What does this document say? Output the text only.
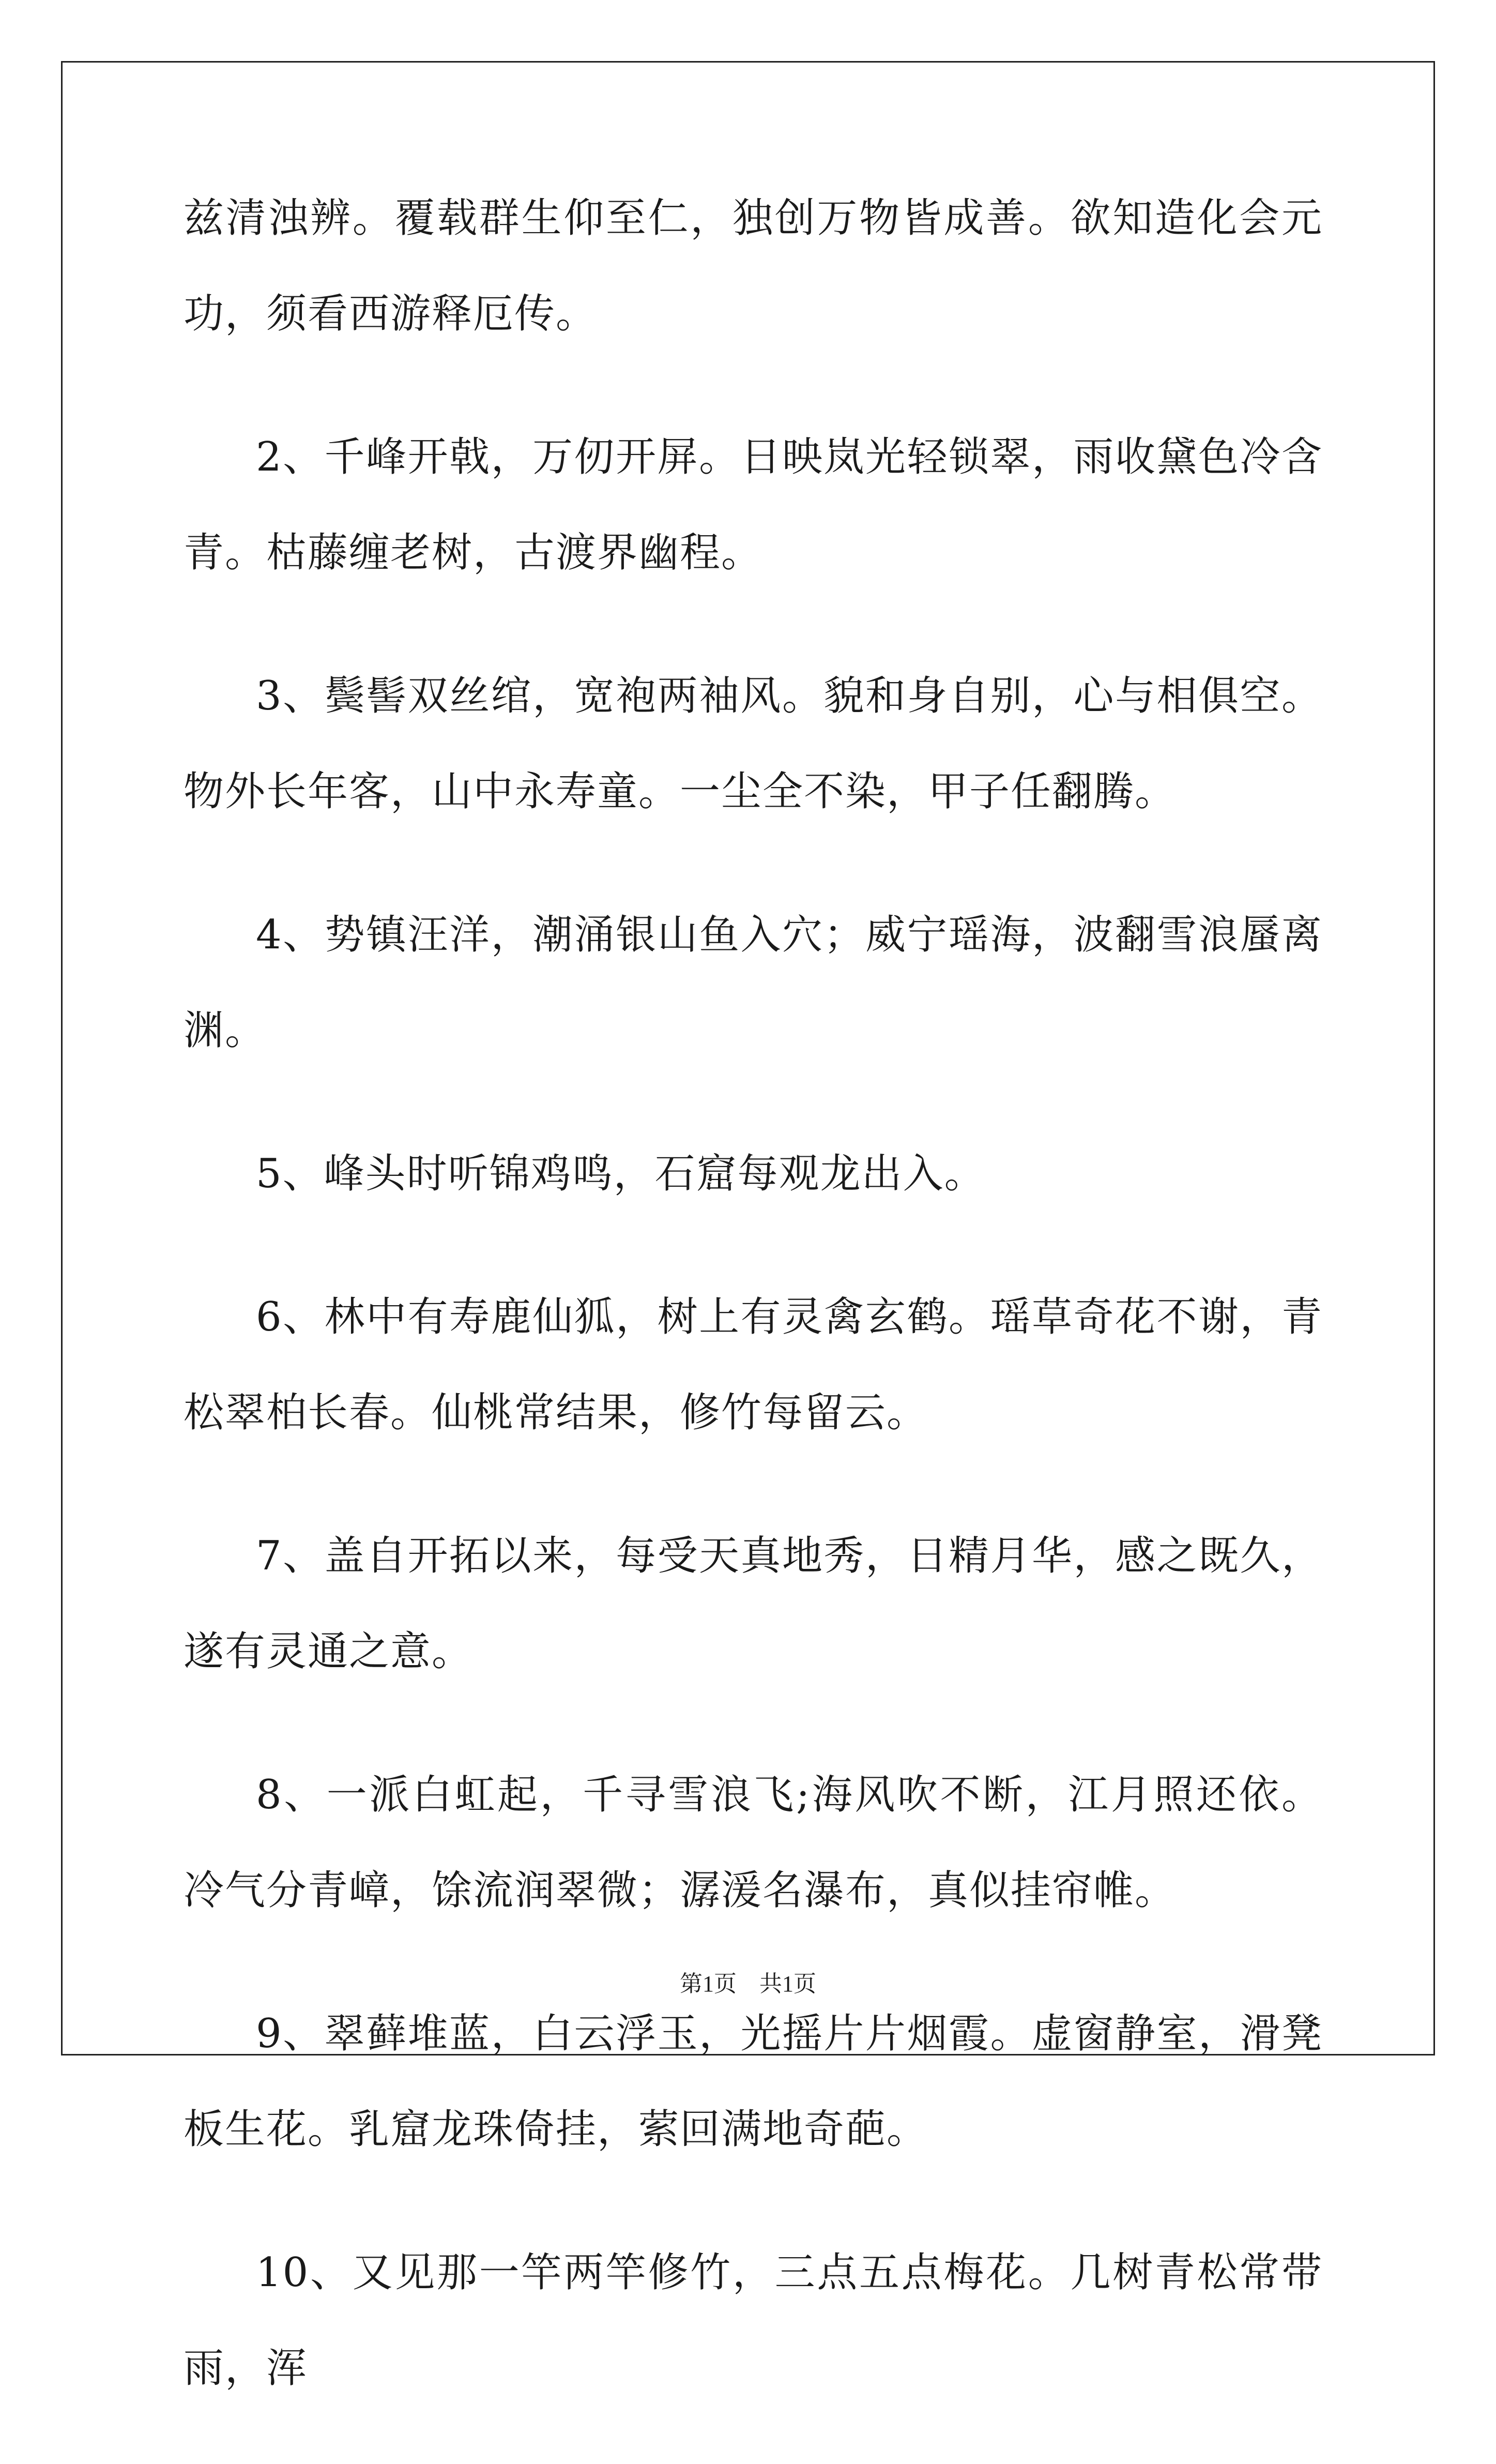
兹清浊辨。覆载群生仰至仁，独创万物皆成善。欲知造化会元功，须看西游释厄传。

2、千峰开戟，万仞开屏。日映岚光轻锁翠，雨收黛色冷含青。枯藤缠老树，古渡界幽程。

3、鬓髻双丝绾，宽袍两袖风。貌和身自别，心与相俱空。物外长年客，山中永寿童。一尘全不染，甲子任翻腾。

4、势镇汪洋，潮涌银山鱼入穴；威宁瑶海，波翻雪浪蜃离渊。

5、峰头时听锦鸡鸣，石窟每观龙出入。

6、林中有寿鹿仙狐，树上有灵禽玄鹤。瑶草奇花不谢，青松翠柏长春。仙桃常结果，修竹每留云。

7、盖自开拓以来，每受天真地秀，日精月华，感之既久，遂有灵通之意。

8、一派白虹起，千寻雪浪飞;海风吹不断，江月照还依。冷气分青嶂，馀流润翠微；潺湲名瀑布，真似挂帘帷。

9、翠藓堆蓝，白云浮玉，光摇片片烟霞。虚窗静室，滑凳板生花。乳窟龙珠倚挂，萦回满地奇葩。

10、又见那一竿两竿修竹，三点五点梅花。几树青松常带雨，浑

第1页　共1页
